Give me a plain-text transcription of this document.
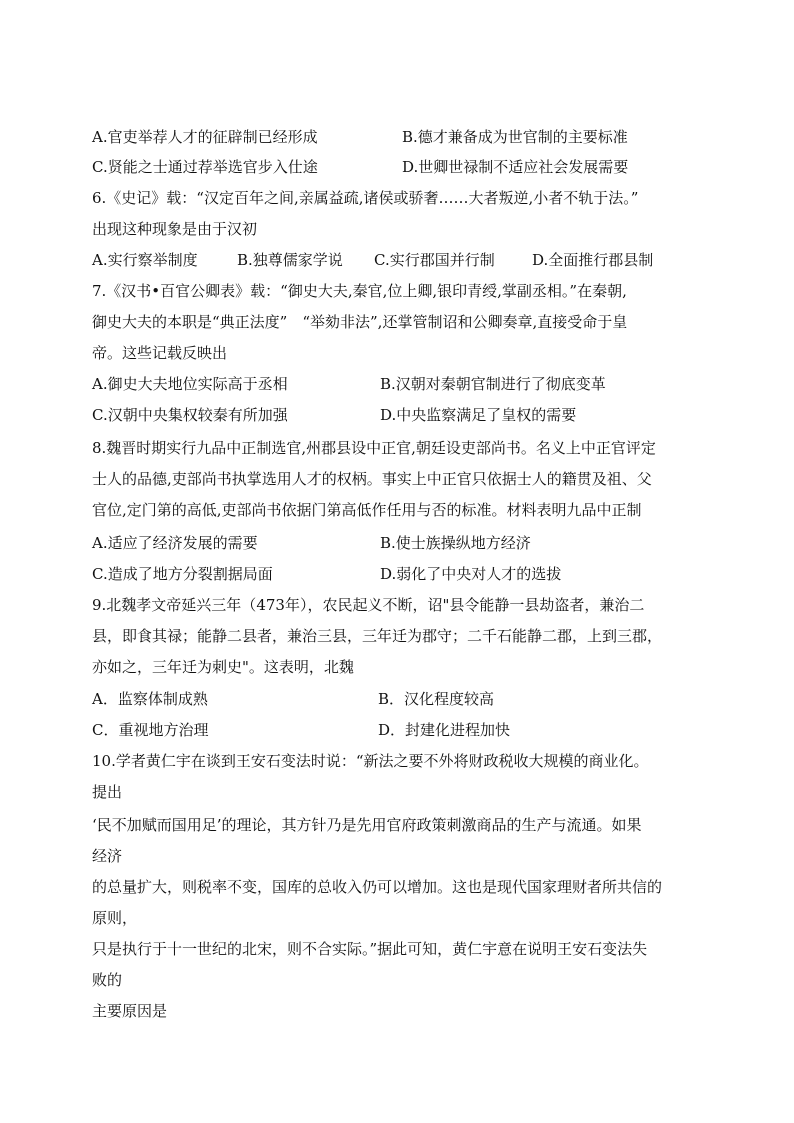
A.官吏举荐人才的征辟制已经形成	B.德才兼备成为世官制的主要标准
C.贤能之士通过荐举选官步入仕途	D.世卿世禄制不适应社会发展需要
6.《史记》载：“汉定百年之间,亲属益疏,诸侯或骄奢……大者叛逆,小者不轨于法。”
出现这种现象是由于汉初
A.实行察举制度	B.独尊儒家学说 C.实行郡国并行制 D.全面推行郡县制
7.《汉书•百官公卿表》载：“御史大夫,秦官,位上卿,银印青绶,掌副丞相。”在秦朝,
御史大夫的本职是“典正法度”　“举劾非法”,还掌管制诏和公卿奏章,直接受命于皇
帝。这些记载反映出
A.御史大夫地位实际高于丞相	B.汉朝对秦朝官制进行了彻底变革
C.汉朝中央集权较秦有所加强	D.中央监察满足了皇权的需要
8.魏晋时期实行九品中正制选官,州郡县设中正官,朝廷设吏部尚书。名义上中正官评定
士人的品德,吏部尚书执掌选用人才的权柄。事实上中正官只依据士人的籍贯及祖、父
官位,定门第的高低,吏部尚书依据门第高低作任用与否的标准。材料表明九品中正制
A.适应了经济发展的需要	B.使士族操纵地方经济
C.造成了地方分裂割据局面	D.弱化了中央对人才的选拔
9.北魏孝文帝延兴三年（473年），农民起义不断，诏"县令能静一县劫盗者，兼治二
县，即食其禄；能静二县者，兼治三县，三年迁为郡守；二千石能静二郡，上到三郡，
亦如之，三年迁为刺史"。这表明，北魏
A．监察体制成熟	B．汉化程度较高
C．重视地方治理	D．封建化进程加快
10.学者黄仁宇在谈到王安石变法时说：“新法之要不外将财政税收大规模的商业化。
提出
‘民不加赋而国用足’的理论，其方针乃是先用官府政策刺激商品的生产与流通。如果
经济
的总量扩大，则税率不变，国库的总收入仍可以增加。这也是现代国家理财者所共信的
原则，
只是执行于十一世纪的北宋，则不合实际。”据此可知，黄仁宇意在说明王安石变法失
败的
主要原因是
